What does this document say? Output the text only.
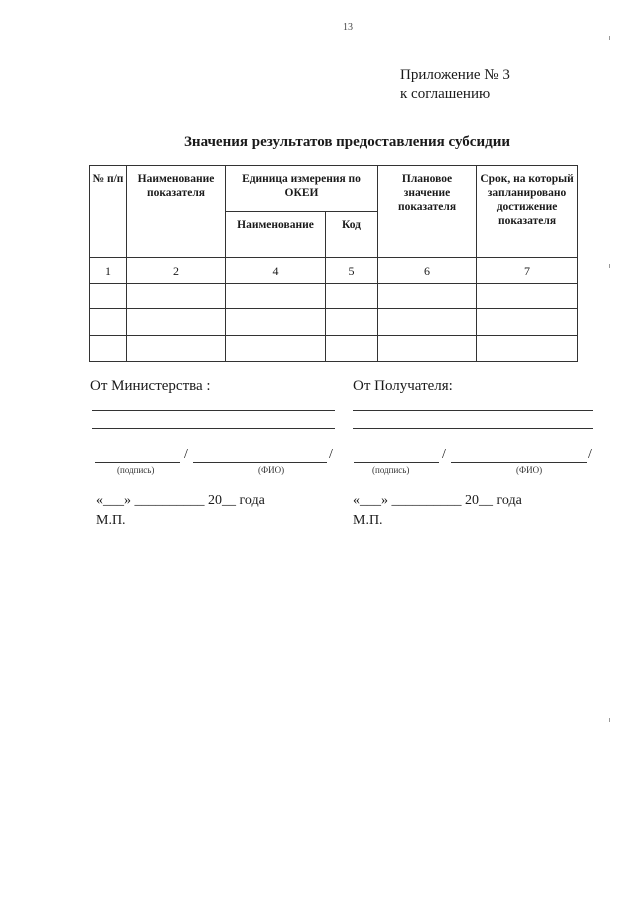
13
Приложение № 3
к соглашению
Значения результатов предоставления субсидии
№ п/п	Наименование показателя	Единица измерения по ОКЕИ		Плановое значение показателя	Срок, на который запланировано достижение показателя
		Наименование	Код		
1	2	4	5	6	7

От Министерства :
/	/
(подпись)	(ФИО)
«___» __________ 20__ года
М.П.
От Получателя:
/	/
(подпись)	(ФИО)
«___» __________ 20__ года
М.П.
